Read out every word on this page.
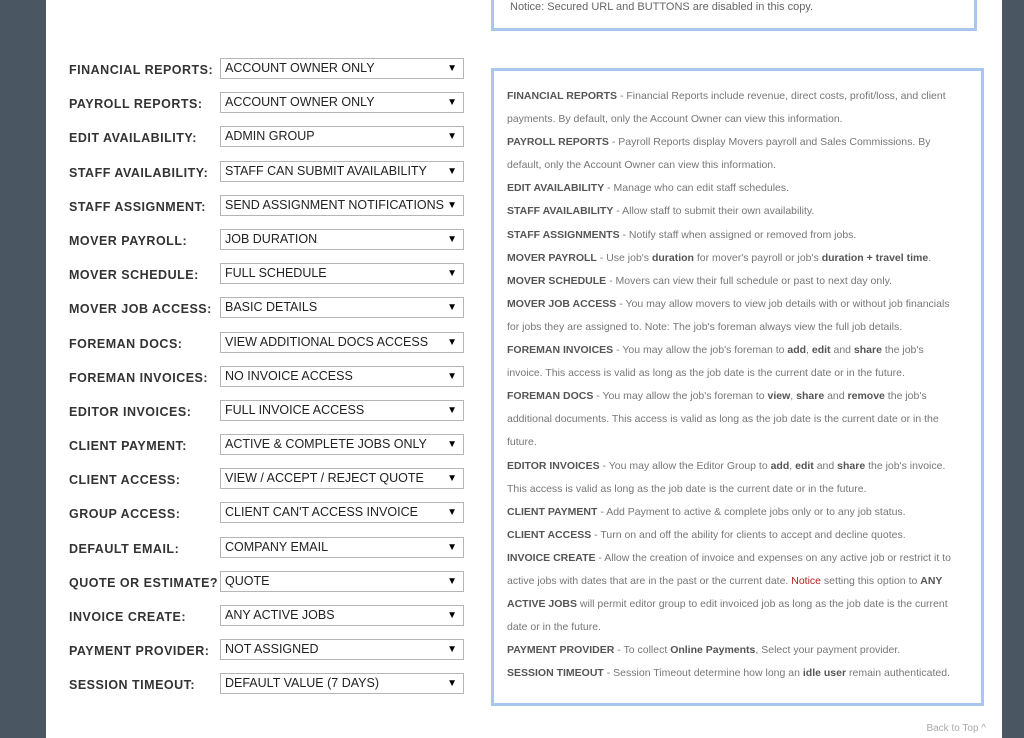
Notice: Secured URL and BUTTONS are disabled in this copy.
FINANCIAL REPORTS: ACCOUNT OWNER ONLY	▼
PAYROLL REPORTS:	ACCOUNT OWNER ONLY	▼
EDIT AVAILABILITY:	ADMIN GROUP	▼
STAFF AVAILABILITY:	STAFF CAN SUBMIT AVAILABILITY ▼
STAFF ASSIGNMENT:	SEND ASSIGNMENT NOTIFICATIONS ▼
MOVER PAYROLL:	JOB DURATION	▼
MOVER SCHEDULE:	FULL SCHEDULE	▼
MOVER JOB ACCESS:	BASIC DETAILS	▼
FOREMAN DOCS:	VIEW ADDITIONAL DOCS ACCESS ▼
FOREMAN INVOICES:	NO INVOICE ACCESS	▼
EDITOR INVOICES:	FULL INVOICE ACCESS	▼
CLIENT PAYMENT:	ACTIVE & COMPLETE JOBS ONLY ▼
CLIENT ACCESS:	VIEW / ACCEPT / REJECT QUOTE ▼
GROUP ACCESS:	CLIENT CAN'T ACCESS INVOICE	▼
DEFAULT EMAIL:	COMPANY EMAIL	▼
QUOTE OR ESTIMATE? QUOTE	▼
INVOICE CREATE:	ANY ACTIVE JOBS	▼
PAYMENT PROVIDER:	NOT ASSIGNED	▼
SESSION TIMEOUT:	DEFAULT VALUE (7 DAYS)	▼
FINANCIAL REPORTS - Financial Reports include revenue, direct costs, profit/loss, and client
payments. By default, only the Account Owner can view this information.
PAYROLL REPORTS - Payroll Reports display Movers payroll and Sales Commissions. By
default, only the Account Owner can view this information.
EDIT AVAILABILITY - Manage who can edit staff schedules.
STAFF AVAILABILITY - Allow staff to submit their own availability.
STAFF ASSIGNMENTS - Notify staff when assigned or removed from jobs.
MOVER PAYROLL - Use job's duration for mover's payroll or job's duration + travel time.
MOVER SCHEDULE - Movers can view their full schedule or past to next day only.
MOVER JOB ACCESS - You may allow movers to view job details with or without job financials
for jobs they are assigned to. Note: The job's foreman always view the full job details.
FOREMAN INVOICES - You may allow the job's foreman to add, edit and share the job's
invoice. This access is valid as long as the job date is the current date or in the future.
FOREMAN DOCS - You may allow the job's foreman to view, share and remove the job's
additional documents. This access is valid as long as the job date is the current date or in the
future.
EDITOR INVOICES - You may allow the Editor Group to add, edit and share the job's invoice.
This access is valid as long as the job date is the current date or in the future.
CLIENT PAYMENT - Add Payment to active & complete jobs only or to any job status.
CLIENT ACCESS - Turn on and off the ability for clients to accept and decline quotes.
INVOICE CREATE - Allow the creation of invoice and expenses on any active job or restrict it to
active jobs with dates that are in the past or the current date. Notice setting this option to ANY
ACTIVE JOBS will permit editor group to edit invoiced job as long as the job date is the current
date or in the future.
PAYMENT PROVIDER - To collect Online Payments, Select your payment provider.
SESSION TIMEOUT - Session Timeout determine how long an idle user remain authenticated.
Back to Top ^
